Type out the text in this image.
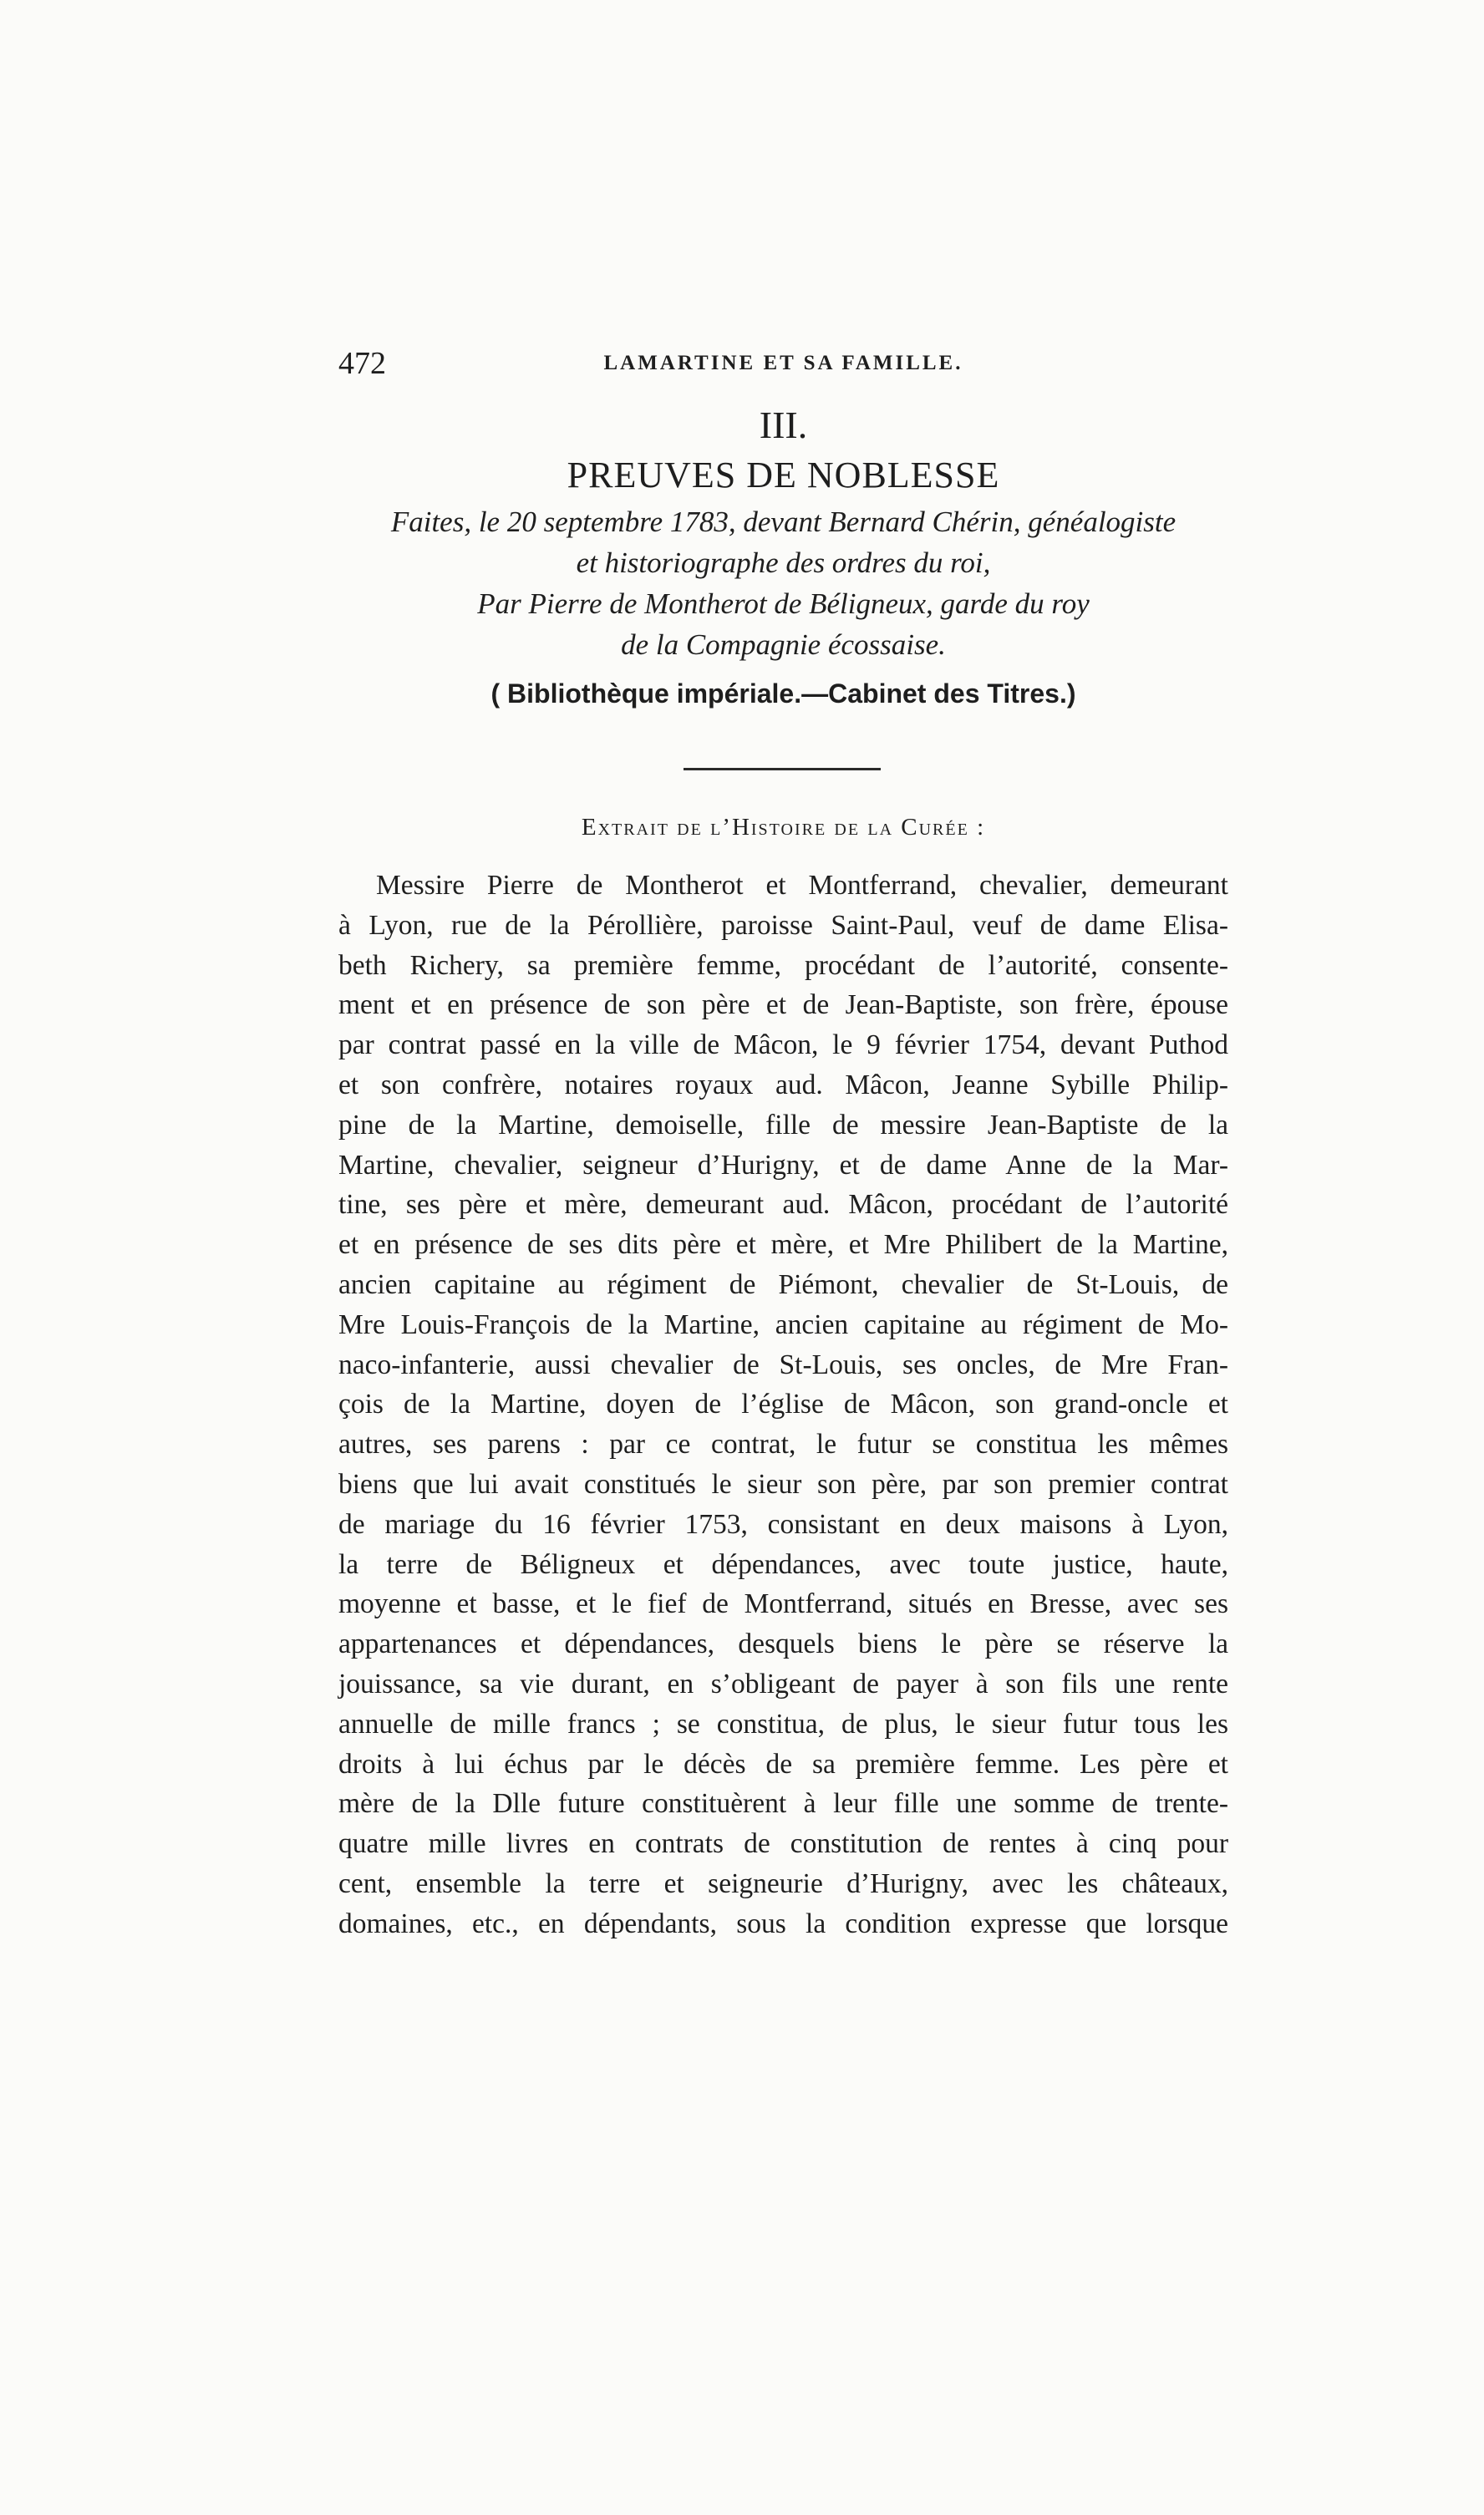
472	LAMARTINE ET SA FAMILLE.
III.
PREUVES DE NOBLESSE
Faites, le 20 septembre 1783, devant Bernard Chérin, généalogiste
et historiographe des ordres du roi,
Par Pierre de Montherot de Béligneux, garde du roy
de la Compagnie écossaise.
( Bibliothèque impériale.—Cabinet des Titres.)
Extrait de l’Histoire de la Curée :
Messire Pierre de Montherot et Montferrand, chevalier, demeurant
à Lyon, rue de la Pérollière, paroisse Saint-Paul, veuf de dame Elisa-
beth Richery, sa première femme, procédant de l’autorité, consente-
ment et en présence de son père et de Jean-Baptiste, son frère, épouse
par contrat passé en la ville de Mâcon, le 9 février 1754, devant Puthod
et son confrère, notaires royaux aud. Mâcon, Jeanne Sybille Philip-
pine de la Martine, demoiselle, fille de messire Jean-Baptiste de la
Martine, chevalier, seigneur d’Hurigny, et de dame Anne de la Mar-
tine, ses père et mère, demeurant aud. Mâcon, procédant de l’autorité
et en présence de ses dits père et mère, et Mre Philibert de la Martine,
ancien capitaine au régiment de Piémont, chevalier de St-Louis, de
Mre Louis-François de la Martine, ancien capitaine au régiment de Mo-
naco-infanterie, aussi chevalier de St-Louis, ses oncles, de Mre Fran-
çois de la Martine, doyen de l’église de Mâcon, son grand-oncle et
autres, ses parens : par ce contrat, le futur se constitua les mêmes
biens que lui avait constitués le sieur son père, par son premier contrat
de mariage du 16 février 1753, consistant en deux maisons à Lyon,
la terre de Béligneux et dépendances, avec toute justice, haute,
moyenne et basse, et le fief de Montferrand, situés en Bresse, avec ses
appartenances et dépendances, desquels biens le père se réserve la
jouissance, sa vie durant, en s’obligeant de payer à son fils une rente
annuelle de mille francs ; se constitua, de plus, le sieur futur tous les
droits à lui échus par le décès de sa première femme. Les père et
mère de la Dlle future constituèrent à leur fille une somme de trente-
quatre mille livres en contrats de constitution de rentes à cinq pour
cent, ensemble la terre et seigneurie d’Hurigny, avec les châteaux,
domaines, etc., en dépendants, sous la condition expresse que lorsque
